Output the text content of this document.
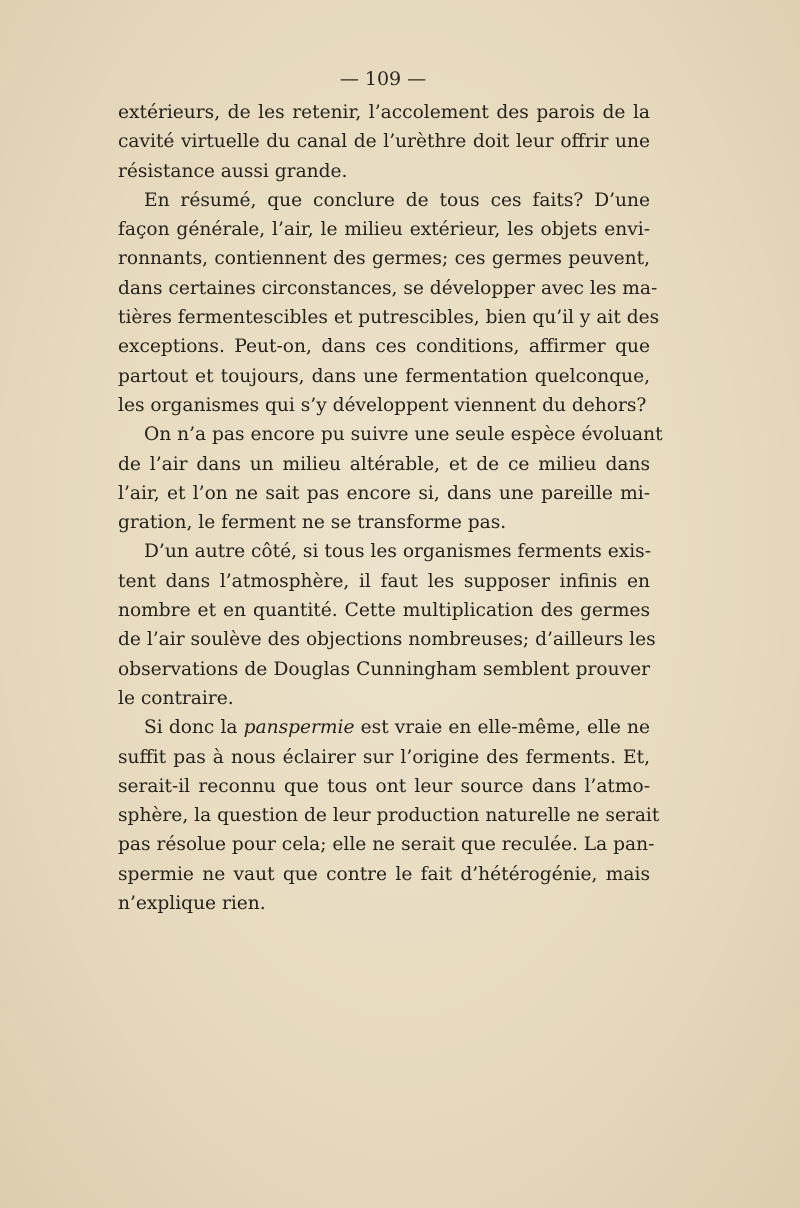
— 109 —
extérieurs, de les retenir, l’accolement des parois de la
cavité virtuelle du canal de l’urèthre doit leur offrir une
résistance aussi grande.
En résumé, que conclure de tous ces faits? D’une
façon générale, l’air, le milieu extérieur, les objets envi-
ronnants, contiennent des germes; ces germes peuvent,
dans certaines circonstances, se développer avec les ma-
tières fermentescibles et putrescibles, bien qu’il y ait des
exceptions. Peut-on, dans ces conditions, affirmer que
partout et toujours, dans une fermentation quelconque,
les organismes qui s’y développent viennent du dehors?
On n’a pas encore pu suivre une seule espèce évoluant
de l’air dans un milieu altérable, et de ce milieu dans
l’air, et l’on ne sait pas encore si, dans une pareille mi-
gration, le ferment ne se transforme pas.
D’un autre côté, si tous les organismes ferments exis-
tent dans l’atmosphère, il faut les supposer infinis en
nombre et en quantité. Cette multiplication des germes
de l’air soulève des objections nombreuses; d’ailleurs les
observations de Douglas Cunningham semblent prouver
le contraire.
Si donc la panspermie est vraie en elle-même, elle ne
suffit pas à nous éclairer sur l’origine des ferments. Et,
serait-il reconnu que tous ont leur source dans l’atmo-
sphère, la question de leur production naturelle ne serait
pas résolue pour cela; elle ne serait que reculée. La pan-
spermie ne vaut que contre le fait d’hétérogénie, mais
n’explique rien.
